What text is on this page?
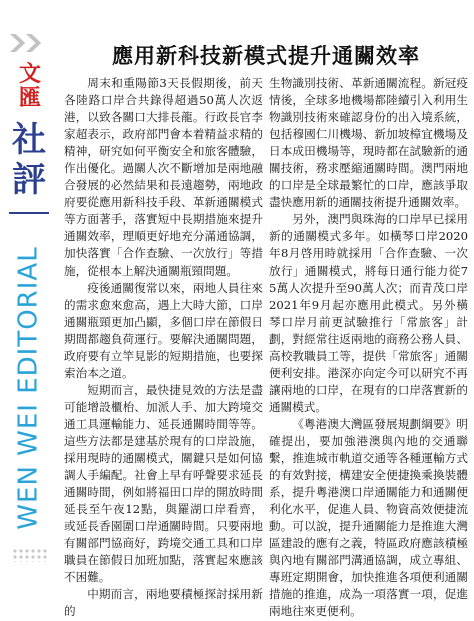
文
匯
社
評
WEN WEI EDITORIAL
應用新科技新模式提升通關效率

周末和重陽節3天長假期後，前天各陸路口岸合共錄得超過50萬人次返港，以致各關口大排長龍。行政長官李家超表示，政府部門會本着精益求精的精神，研究如何平衡安全和旅客體驗，作出優化。過關人次不斷增加是兩地融合發展的必然結果和長遠趨勢，兩地政府要從應用新科技手段、革新通關模式等方面著手，落實短中長期措施來提升通關效率，理順更好地充分滿通協調，加快落實「合作查驗、一次放行」等措施，從根本上解決通關瓶頸問題。

疫後通關復常以來，兩地人員往來的需求愈來愈高，遇上大時大節，口岸通關瓶頸更加凸顯，多個口岸在節假日期間都趨負荷運行。要解決通關問題，政府要有立竿見影的短期措施，也要探索治本之道。

短期而言，最快捷見效的方法是盡可能增設櫃枱、加派人手、加大跨境交通工具運輸能力、延長通關時間等等。這些方法都是建基於現有的口岸設施，採用現時的通關模式，關鍵只是如何協調人手編配。社會上早有呼聲要求延長通關時間，例如將福田口岸的開放時間延長至午夜12點，與羅湖口岸看齊，或延長香園圍口岸通關時間。只要兩地有關部門協商好，跨境交通工具和口岸職員在節假日加班加點，落實起來應該不困難。

中期而言，兩地要積極探討採用新的

生物識別技術、革新通關流程。新冠疫情後，全球多地機場都陸續引入利用生物識別技術來確認身份的出入境系統，包括穆國仁川機場、新加坡樟宜機場及日本成田機場等，現時都在試驗新的通關技術，務求壓縮通關時間。澳門兩地的口岸是全球最繁忙的口岸，應該爭取盡快應用新的通關技術提升通關效率。

另外，澳門與珠海的口岸早已採用新的通關模式多年。如橫琴口岸2020年8月啓用時就採用「合作查驗、一次放行」通關模式，將每日通行能力從75萬人次提升至90萬人次；而青茂口岸2021年9月起亦應用此模式。另外橫琴口岸月前更試驗推行「常旅客」計劃，對經常往返兩地的商務公務人員、高校教職員工等，提供「常旅客」通關便利安排。港深亦向定今可以研究不再讓兩地的口岸，在現有的口岸落實新的通關模式。

《粵港澳大灣區發展規劃綱要》明確提出，要加強港澳與內地的交通聯繫，推進城市軌道交通等各種運輸方式的有效對接，構建安全便捷換乘換裝體系，提升粵港澳口岸通關能力和通關便利化水平，促進人員、物資高效便捷流動。可以說，提升通關能力是推進大灣區建設的應有之義，特區政府應該積極與內地有關部門溝通協調，成立專組、專班定期開會，加快推進各項便利通關措施的推進，成為一項落實一項，促進兩地往來更便利。
